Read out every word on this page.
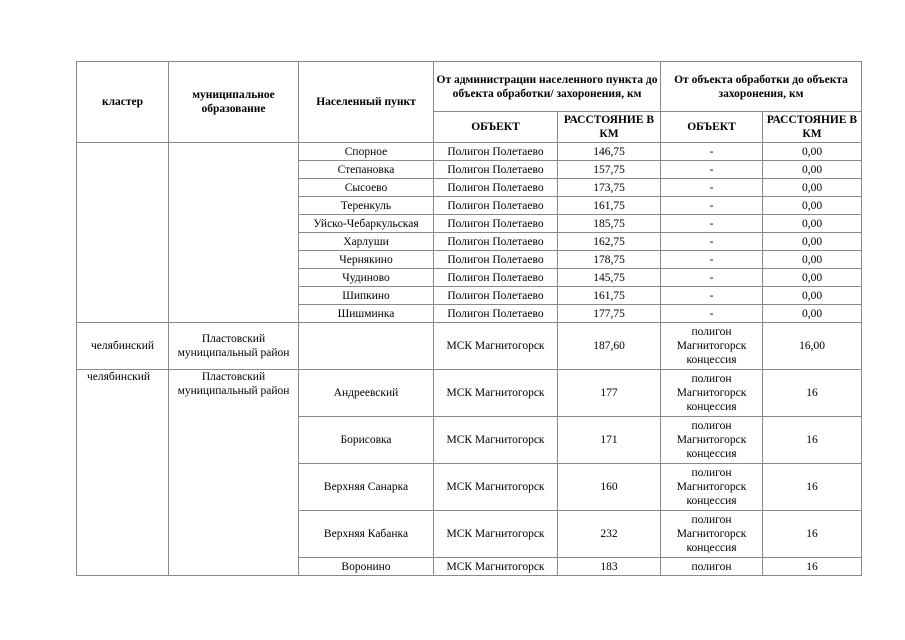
кластер	муниципальное образование	Населенный пункт	От администрации населенного пункта до объекта обработки/ захоронения, км		От объекта обработки до объекта захоронения, км	
			ОБЪЕКТ	РАССТОЯНИЕ В КМ	ОБЪЕКТ	РАССТОЯНИЕ В КМ
		Спорное	Полигон Полетаево	146,75	-	0,00
		Степановка	Полигон Полетаево	157,75	-	0,00
		Сысоево	Полигон Полетаево	173,75	-	0,00
		Теренкуль	Полигон Полетаево	161,75	-	0,00
		Уйско-Чебаркульская	Полигон Полетаево	185,75	-	0,00
		Харлуши	Полигон Полетаево	162,75	-	0,00
		Чернякино	Полигон Полетаево	178,75	-	0,00
		Чудиново	Полигон Полетаево	145,75	-	0,00
		Шипкино	Полигон Полетаево	161,75	-	0,00
		Шишминка	Полигон Полетаево	177,75	-	0,00
челябинский	Пластовский муниципальный район		МСК Магнитогорск	187,60	полигон Магнитогорск концессия	16,00
челябинский	Пластовский муниципальный район	Андреевский	МСК Магнитогорск	177	полигон Магнитогорск концессия	16
		Борисовка	МСК Магнитогорск	171	полигон Магнитогорск концессия	16
		Верхняя Санарка	МСК Магнитогорск	160	полигон Магнитогорск концессия	16
		Верхняя Кабанка	МСК Магнитогорск	232	полигон Магнитогорск концессия	16
		Воронино	МСК Магнитогорск	183	полигон	16
